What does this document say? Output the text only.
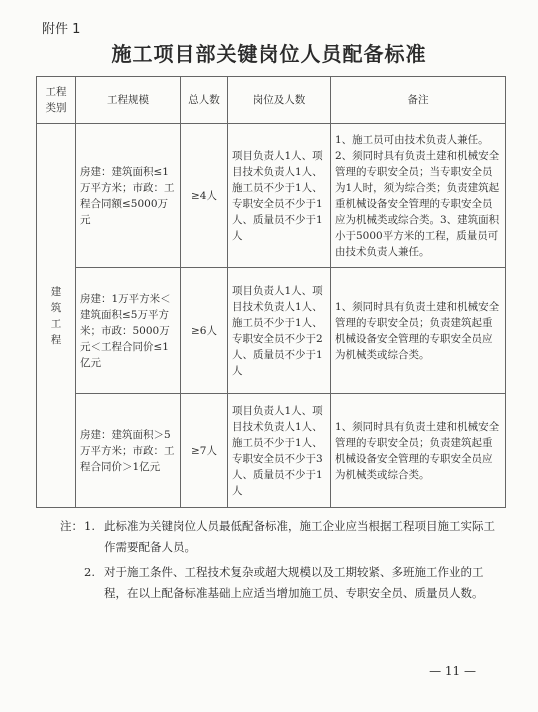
附件 1
施工项目部关键岗位人员配备标准
工程类别	工程规模	总人数	岗位及人数	备注
建筑工程	房建：建筑面积≤1万平方米；市政：工程合同额≤5000万元	≥4人	项目负责人1人、项目技术负责人1人、施工员不少于1人、专职安全员不少于1人、质量员不少于1人	1、施工员可由技术负责人兼任。2、须同时具有负责土建和机械安全管理的专职安全员；当专职安全员为1人时，须为综合类；负责建筑起重机械设备安全管理的专职安全员应为机械类或综合类。3、建筑面积小于5000平方米的工程，质量员可由技术负责人兼任。
	房建：1万平方米＜建筑面积≤5万平方米；市政：5000万元＜工程合同价≤1亿元	≥6人	项目负责人1人、项目技术负责人1人、施工员不少于1人、专职安全员不少于2人、质量员不少于1人	1、须同时具有负责土建和机械安全管理的专职安全员；负责建筑起重机械设备安全管理的专职安全员应为机械类或综合类。
	房建：建筑面积＞5万平方米；市政：工程合同价＞1亿元	≥7人	项目负责人1人、项目技术负责人1人、施工员不少于1人、专职安全员不少于3人、质量员不少于1人	1、须同时具有负责土建和机械安全管理的专职安全员；负责建筑起重机械设备安全管理的专职安全员应为机械类或综合类。
注： 1. 此标准为关键岗位人员最低配备标准，施工企业应当根据工程项目施工实际工作需要配备人员。
2. 对于施工条件、工程技术复杂或超大规模以及工期较紧、多班施工作业的工程，在以上配备标准基础上应适当增加施工员、专职安全员、质量员人数。
— 11 —
